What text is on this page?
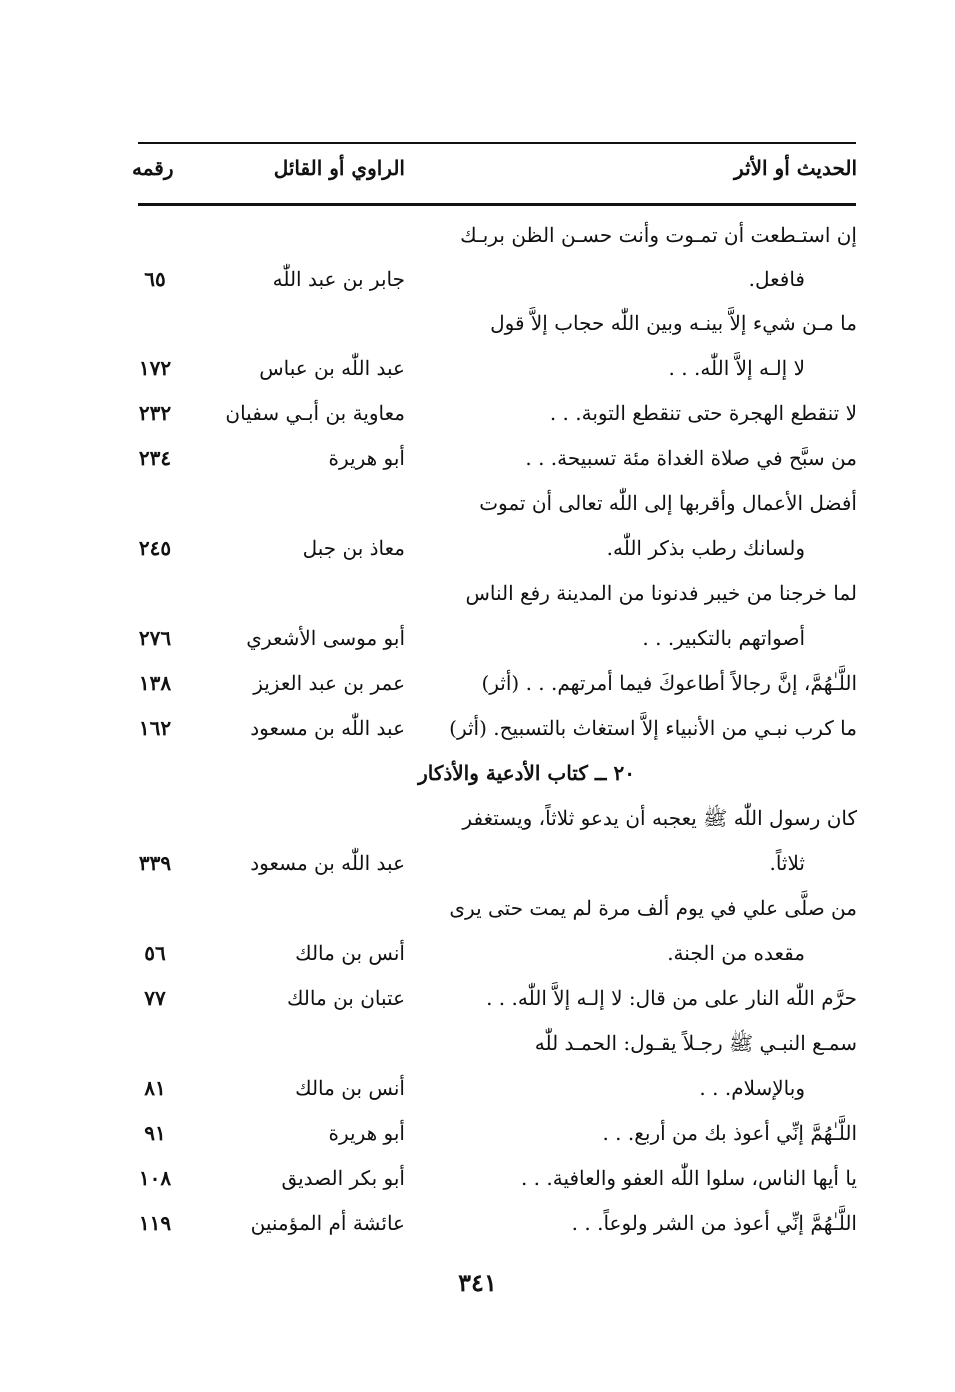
الحديث أو الأثر
الراوي أو القائل
رقمه
إن استـطعت أن تمـوت وأنت حسـن الظن بربـك
فافعل.
جابر بن عبد اللّٰه
٦٥
ما مـن شيء إلاَّ بينـه وبين اللّٰه حجاب إلاَّ قول
لا إلـه إلاَّ اللّٰه. . .
عبد اللّٰه بن عباس
١٧٢
لا تنقطع الهجرة حتى تنقطع التوبة. . .
معاوية بن أبـي سفيان
٢٣٢
من سبَّح في صلاة الغداة مئة تسبيحة. . .
أبو هريرة
٢٣٤
أفضل الأعمال وأقربها إلى اللّٰه تعالى أن تموت
ولسانك رطب بذكر اللّٰه.
معاذ بن جبل
٢٤٥
لما خرجنا من خيبر فدنونا من المدينة رفع الناس
أصواتهم بالتكبير. . .
أبو موسى الأشعري
٢٧٦
اللَّـٰهُمَّ، إنَّ رجالاً أطاعوكَ فيما أمرتهم. . . (أثر)
عمر بن عبد العزيز
١٣٨
ما كرب نبـي من الأنبياء إلاَّ استغاث بالتسبيح. (أثر)
عبد اللّٰه بن مسعود
١٦٢
٢٠ ــ كتاب الأدعية والأذكار
كان رسول اللّٰه ﷺ يعجبه أن يدعو ثلاثاً، ويستغفر
ثلاثاً.
عبد اللّٰه بن مسعود
٣٣٩
من صلَّى علي في يوم ألف مرة لم يمت حتى يرى
مقعده من الجنة.
أنس بن مالك
٥٦
حرَّم اللّٰه النار على من قال: لا إلـه إلاَّ اللّٰه. . .
عتبان بن مالك
٧٧
سمـع النبـي ﷺ رجـلاً يقـول: الحمـد للّٰه
وبالإسلام. . .
أنس بن مالك
٨١
اللَّـٰهُمَّ إنِّي أعوذ بك من أربع. . .
أبو هريرة
٩١
يا أيها الناس، سلوا اللّٰه العفو والعافية. . .
أبو بكر الصديق
١٠٨
اللَّـٰهُمَّ إنِّي أعوذ من الشر ولوعاً. . .
عائشة أم المؤمنين
١١٩
٣٤١
